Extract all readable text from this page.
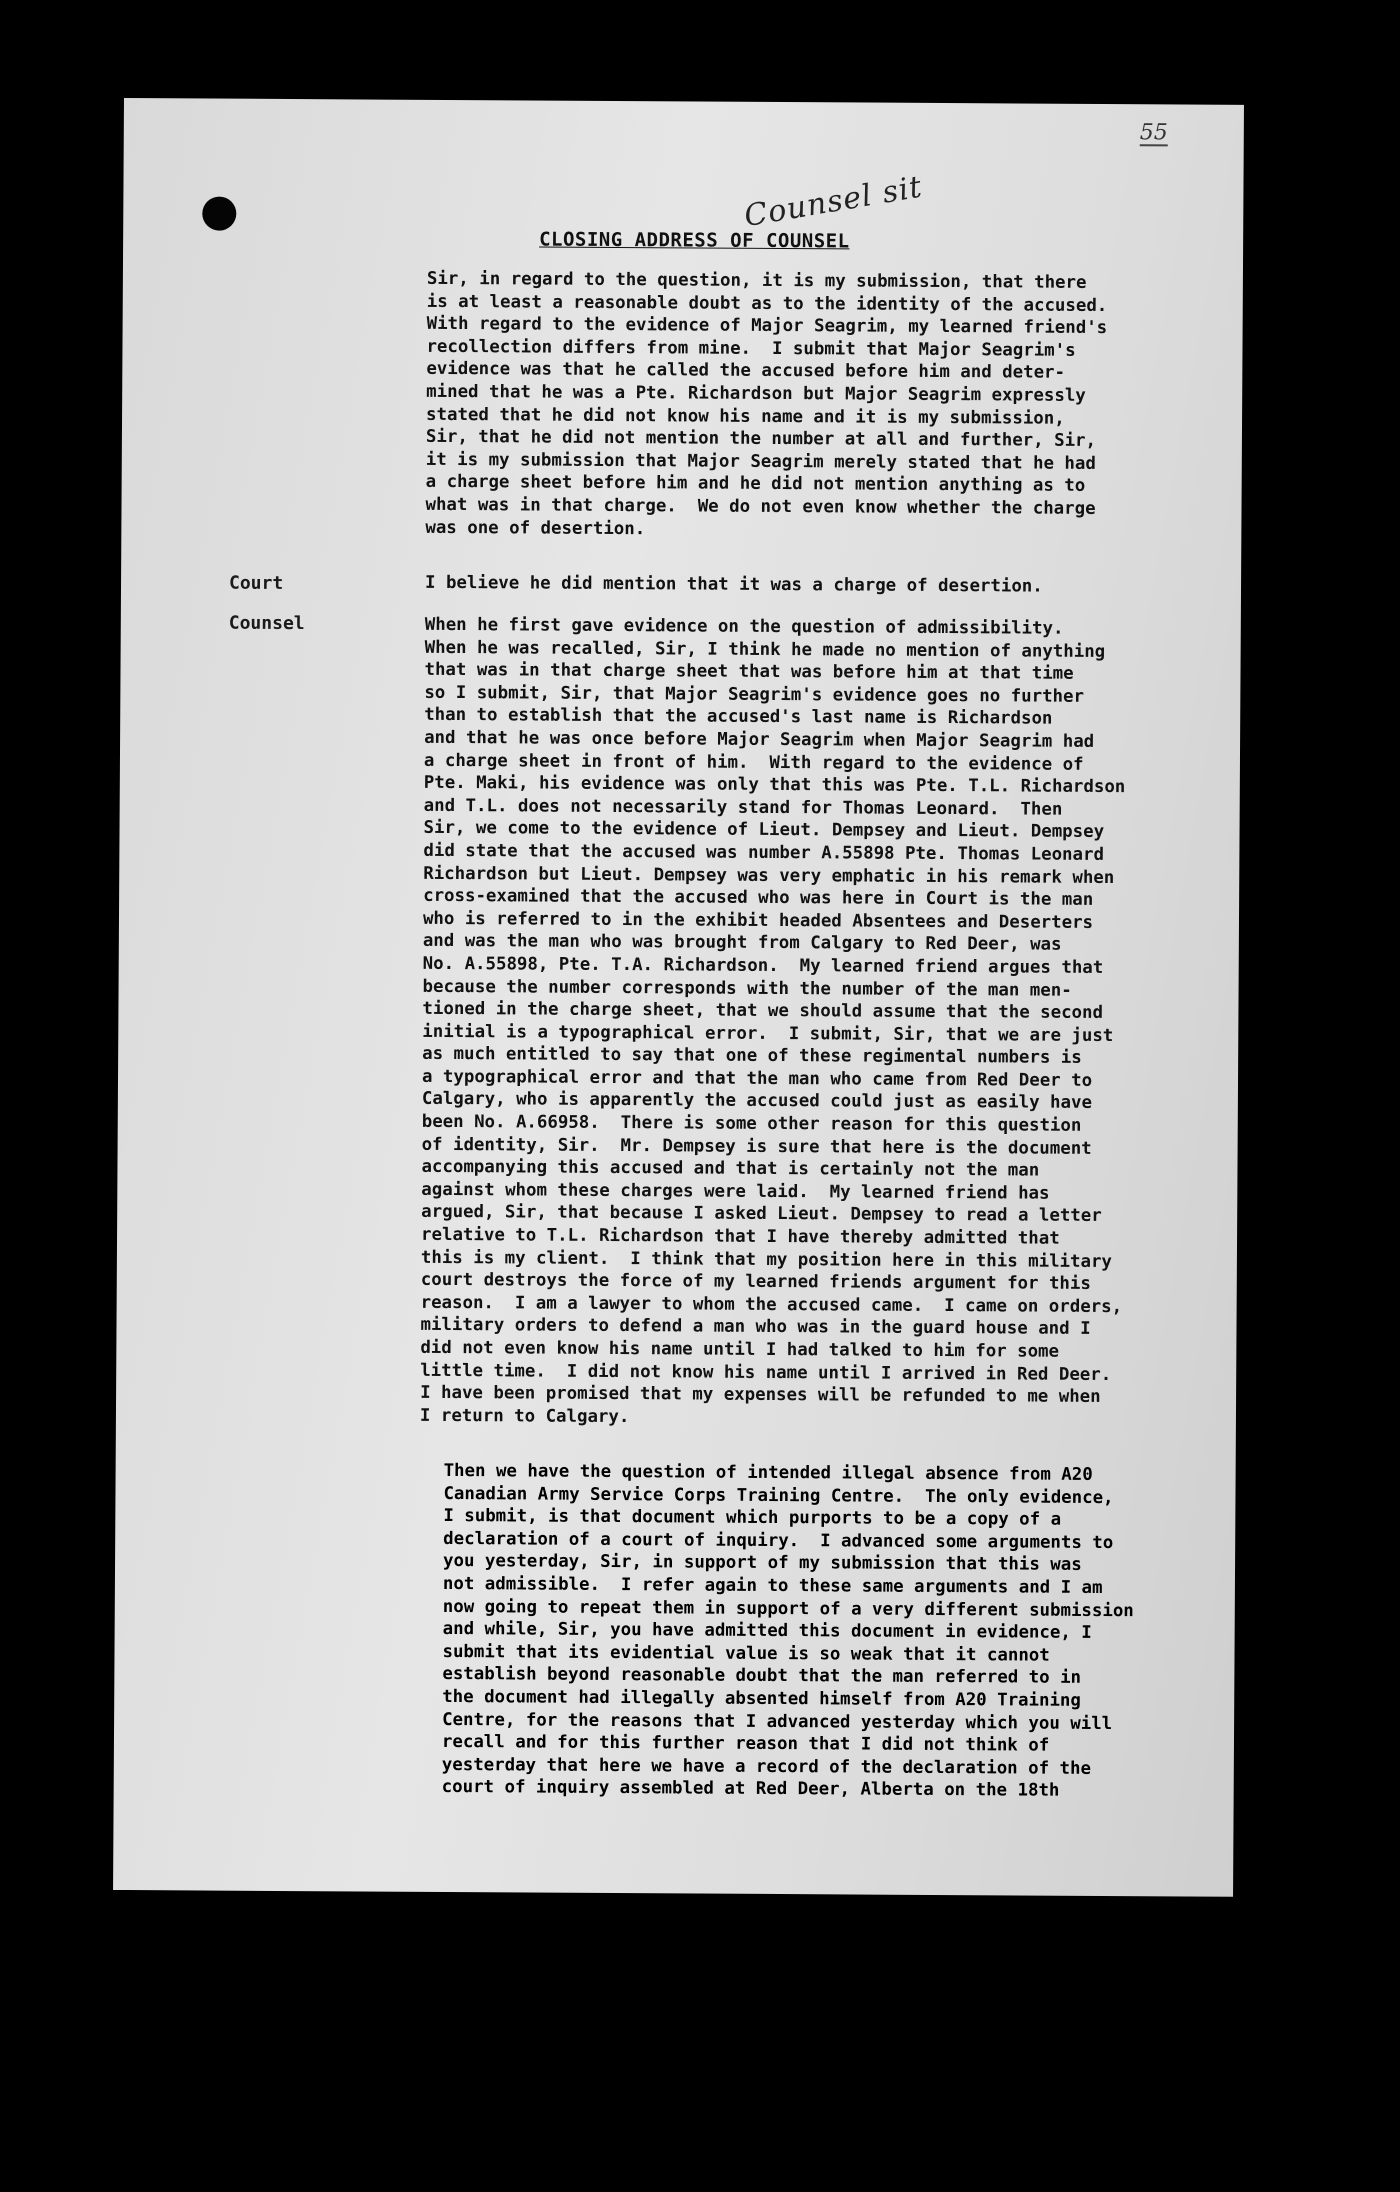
55
Counsel sit
CLOSING ADDRESS OF COUNSEL
Sir, in regard to the question, it is my submission, that there
is at least a reasonable doubt as to the identity of the accused.
With regard to the evidence of Major Seagrim, my learned friend's
recollection differs from mine.  I submit that Major Seagrim's
evidence was that he called the accused before him and deter-
mined that he was a Pte. Richardson but Major Seagrim expressly
stated that he did not know his name and it is my submission,
Sir, that he did not mention the number at all and further, Sir,
it is my submission that Major Seagrim merely stated that he had
a charge sheet before him and he did not mention anything as to
what was in that charge.  We do not even know whether the charge
was one of desertion.
Court	I believe he did mention that it was a charge of desertion.
Counsel	When he first gave evidence on the question of admissibility.
When he was recalled, Sir, I think he made no mention of anything
that was in that charge sheet that was before him at that time
so I submit, Sir, that Major Seagrim's evidence goes no further
than to establish that the accused's last name is Richardson
and that he was once before Major Seagrim when Major Seagrim had
a charge sheet in front of him.  With regard to the evidence of
Pte. Maki, his evidence was only that this was Pte. T.L. Richardson
and T.L. does not necessarily stand for Thomas Leonard.  Then
Sir, we come to the evidence of Lieut. Dempsey and Lieut. Dempsey
did state that the accused was number A.55898 Pte. Thomas Leonard
Richardson but Lieut. Dempsey was very emphatic in his remark when
cross-examined that the accused who was here in Court is the man
who is referred to in the exhibit headed Absentees and Deserters
and was the man who was brought from Calgary to Red Deer, was
No. A.55898, Pte. T.A. Richardson.  My learned friend argues that
because the number corresponds with the number of the man men-
tioned in the charge sheet, that we should assume that the second
initial is a typographical error.  I submit, Sir, that we are just
as much entitled to say that one of these regimental numbers is
a typographical error and that the man who came from Red Deer to
Calgary, who is apparently the accused could just as easily have
been No. A.66958.  There is some other reason for this question
of identity, Sir.  Mr. Dempsey is sure that here is the document
accompanying this accused and that is certainly not the man
against whom these charges were laid.  My learned friend has
argued, Sir, that because I asked Lieut. Dempsey to read a letter
relative to T.L. Richardson that I have thereby admitted that
this is my client.  I think that my position here in this military
court destroys the force of my learned friends argument for this
reason.  I am a lawyer to whom the accused came.  I came on orders,
military orders to defend a man who was in the guard house and I
did not even know his name until I had talked to him for some
little time.  I did not know his name until I arrived in Red Deer.
I have been promised that my expenses will be refunded to me when
I return to Calgary.
Then we have the question of intended illegal absence from A20
Canadian Army Service Corps Training Centre.  The only evidence,
I submit, is that document which purports to be a copy of a
declaration of a court of inquiry.  I advanced some arguments to
you yesterday, Sir, in support of my submission that this was
not admissible.  I refer again to these same arguments and I am
now going to repeat them in support of a very different submission
and while, Sir, you have admitted this document in evidence, I
submit that its evidential value is so weak that it cannot
establish beyond reasonable doubt that the man referred to in
the document had illegally absented himself from A20 Training
Centre, for the reasons that I advanced yesterday which you will
recall and for this further reason that I did not think of
yesterday that here we have a record of the declaration of the
court of inquiry assembled at Red Deer, Alberta on the 18th
